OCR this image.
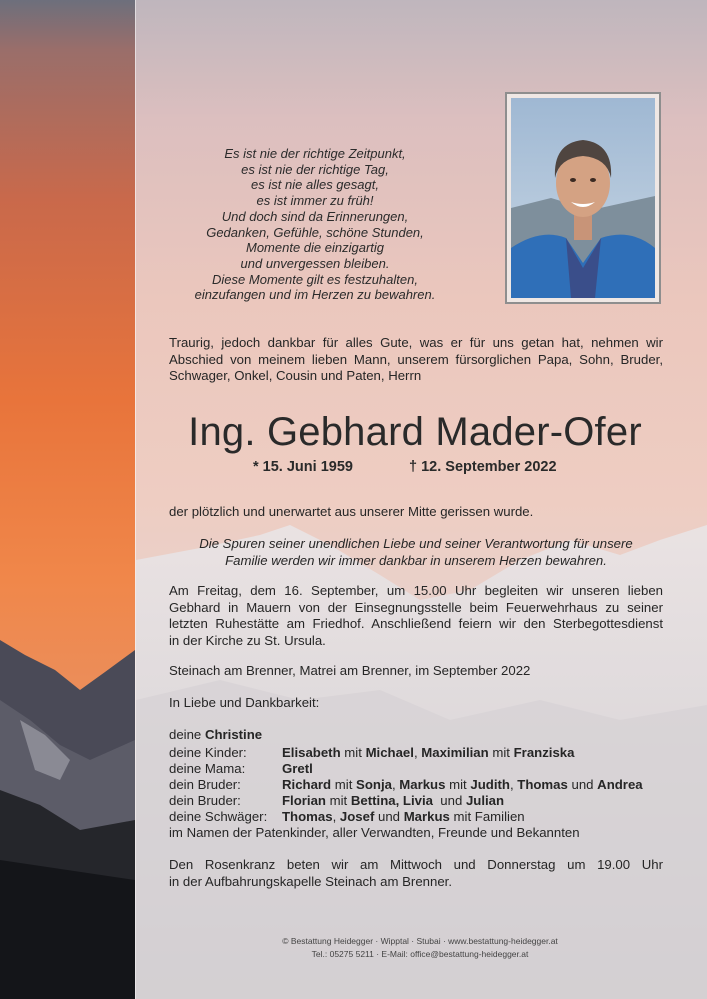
Es ist nie der richtige Zeitpunkt,
es ist nie der richtige Tag,
es ist nie alles gesagt,
es ist immer zu früh!
Und doch sind da Erinnerungen,
Gedanken, Gefühle, schöne Stunden,
Momente die einzigartig
und unvergessen bleiben.
Diese Momente gilt es festzuhalten,
einzufangen und im Herzen zu bewahren.
Traurig, jedoch dankbar für alles Gute, was er für uns getan hat, nehmen wir
Abschied von meinem lieben Mann, unserem fürsorglichen Papa, Sohn, Bruder,
Schwager, Onkel, Cousin und Paten, Herrn
Ing. Gebhard Mader-Ofer
* 15. Juni 1959	† 12. September 2022
der plötzlich und unerwartet aus unserer Mitte gerissen wurde.
Die Spuren seiner unendlichen Liebe und seiner Verantwortung für unsere
Familie werden wir immer dankbar in unserem Herzen bewahren.
Am Freitag, dem 16. September, um 15.00 Uhr begleiten wir unseren lieben
Gebhard in Mauern von der Einsegnungsstelle beim Feuerwehrhaus zu seiner
letzten Ruhestätte am Friedhof. Anschließend feiern wir den Sterbegottesdienst
in der Kirche zu St. Ursula.
Steinach am Brenner, Matrei am Brenner, im September 2022
In Liebe und Dankbarkeit:
deine Christine
deine Kinder:	Elisabeth mit Michael, Maximilian mit Franziska
deine Mama:	Gretl
dein Bruder:	Richard mit Sonja, Markus mit Judith, Thomas und Andrea
dein Bruder:	Florian mit Bettina, Livia  und Julian
deine Schwäger: Thomas, Josef und Markus mit Familien
im Namen der Patenkinder, aller Verwandten, Freunde und Bekannten
Den Rosenkranz beten wir am Mittwoch und Donnerstag um 19.00 Uhr
in der Aufbahrungskapelle Steinach am Brenner.
© Bestattung Heidegger · Wipptal · Stubai · www.bestattung-heidegger.at
Tel.: 05275 5211 · E-Mail: office@bestattung-heidegger.at
